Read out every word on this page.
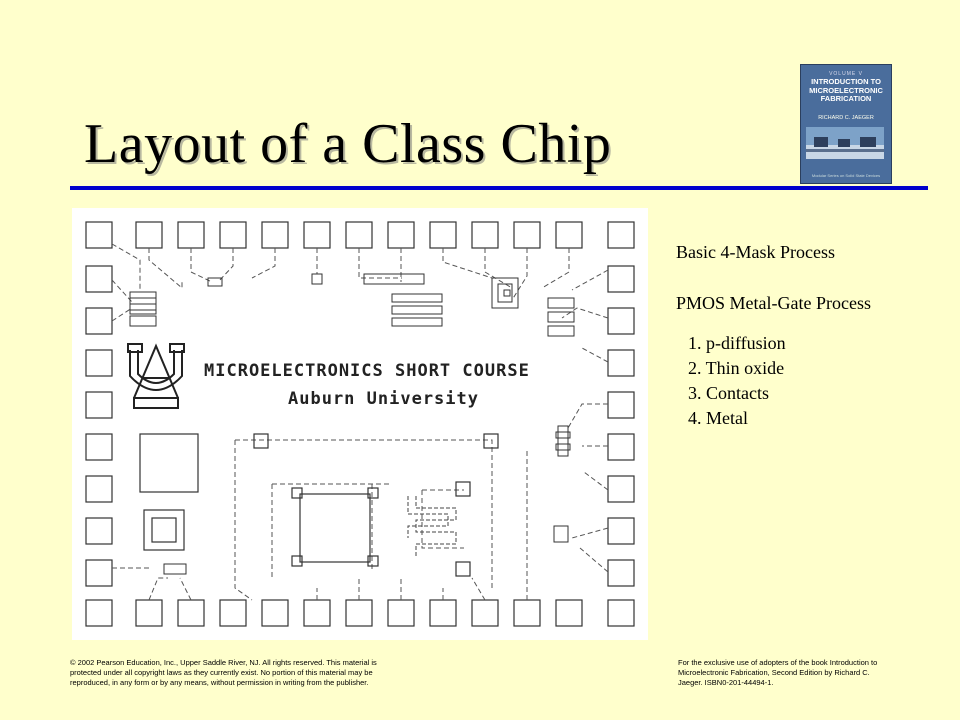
Layout of a Class Chip
VOLUME V
INTRODUCTION TO MICROELECTRONIC FABRICATION
RICHARD C. JAEGER
Modular Series on Solid State Devices
MICROELECTRONICS SHORT COURSE
Auburn University
Basic 4-Mask Process
PMOS Metal-Gate Process
1. p-diffusion
2. Thin oxide
3. Contacts
4. Metal
© 2002 Pearson Education, Inc., Upper Saddle River, NJ. All rights reserved. This material is protected under all copyright laws as they currently exist. No portion of this material may be reproduced, in any form or by any means, without permission in writing from the publisher.
For the exclusive use of adopters of the book Introduction to Microelectronic Fabrication, Second Edition by Richard C. Jaeger. ISBN0-201-44494-1.
